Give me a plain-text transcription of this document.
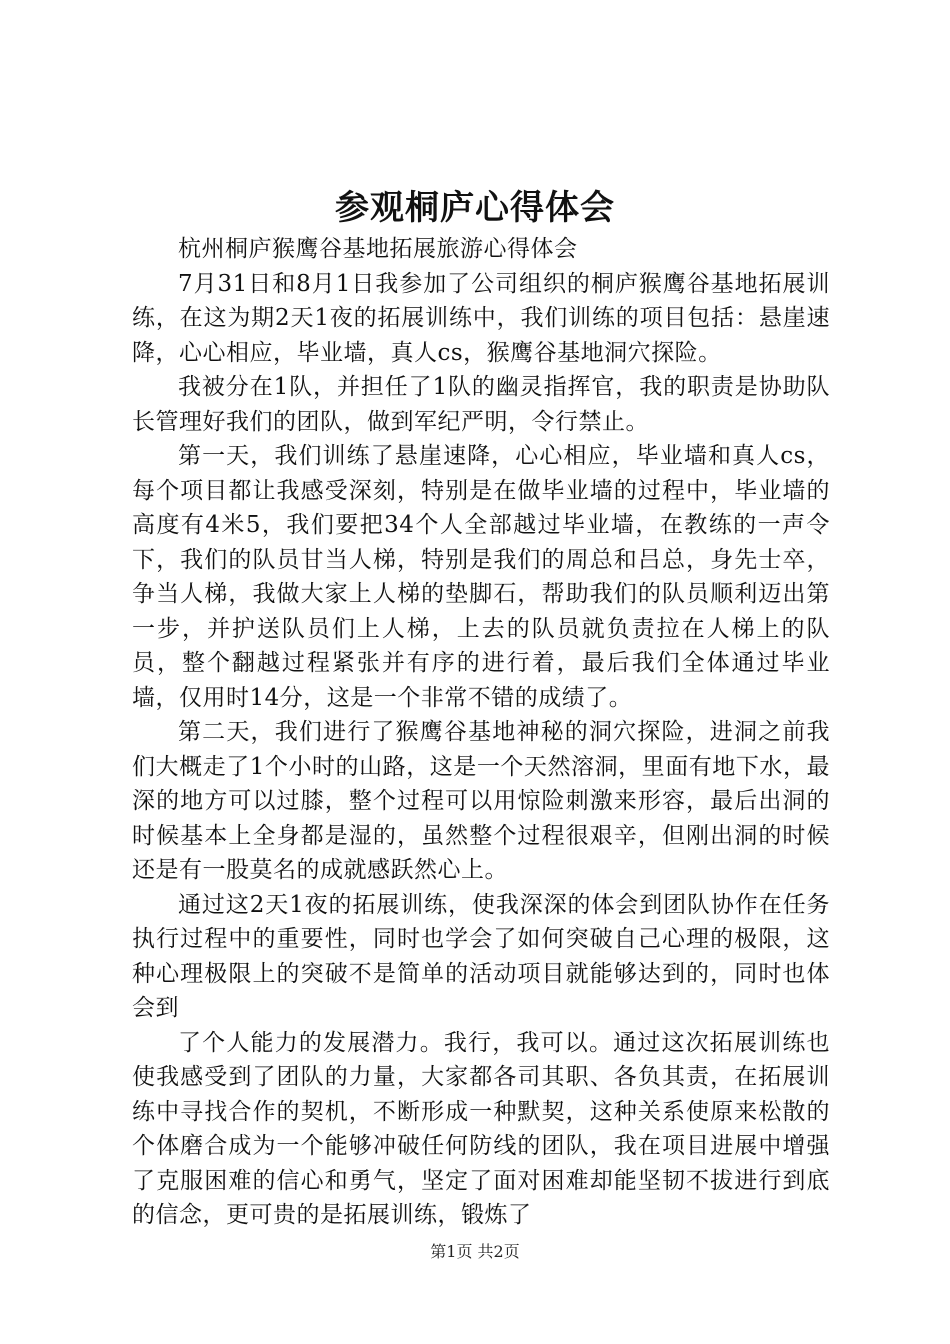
参观桐庐心得体会

杭州桐庐猴鹰谷基地拓展旅游心得体会

7月31日和8月1日我参加了公司组织的桐庐猴鹰谷基地拓展训练，在这为期2天1夜的拓展训练中，我们训练的项目包括：悬崖速降，心心相应，毕业墙，真人cs，猴鹰谷基地洞穴探险。

我被分在1队，并担任了1队的幽灵指挥官，我的职责是协助队长管理好我们的团队，做到军纪严明，令行禁止。

第一天，我们训练了悬崖速降，心心相应，毕业墙和真人cs，每个项目都让我感受深刻，特别是在做毕业墙的过程中，毕业墙的高度有4米5，我们要把34个人全部越过毕业墙，在教练的一声令下，我们的队员甘当人梯，特别是我们的周总和吕总，身先士卒，争当人梯，我做大家上人梯的垫脚石，帮助我们的队员顺利迈出第一步，并护送队员们上人梯，上去的队员就负责拉在人梯上的队员，整个翻越过程紧张并有序的进行着，最后我们全体通过毕业墙，仅用时14分，这是一个非常不错的成绩了。

第二天，我们进行了猴鹰谷基地神秘的洞穴探险，进洞之前我们大概走了1个小时的山路，这是一个天然溶洞，里面有地下水，最深的地方可以过膝，整个过程可以用惊险刺激来形容，最后出洞的时候基本上全身都是湿的，虽然整个过程很艰辛，但刚出洞的时候还是有一股莫名的成就感跃然心上。

通过这2天1夜的拓展训练，使我深深的体会到团队协作在任务执行过程中的重要性，同时也学会了如何突破自己心理的极限，这种心理极限上的突破不是简单的活动项目就能够达到的，同时也体会到

了个人能力的发展潜力。我行，我可以。通过这次拓展训练也使我感受到了团队的力量，大家都各司其职、各负其责，在拓展训练中寻找合作的契机，不断形成一种默契，这种关系使原来松散的个体磨合成为一个能够冲破任何防线的团队，我在项目进展中增强了克服困难的信心和勇气，坚定了面对困难却能坚韧不拔进行到底的信念，更可贵的是拓展训练，锻炼了

第1页 共2页
